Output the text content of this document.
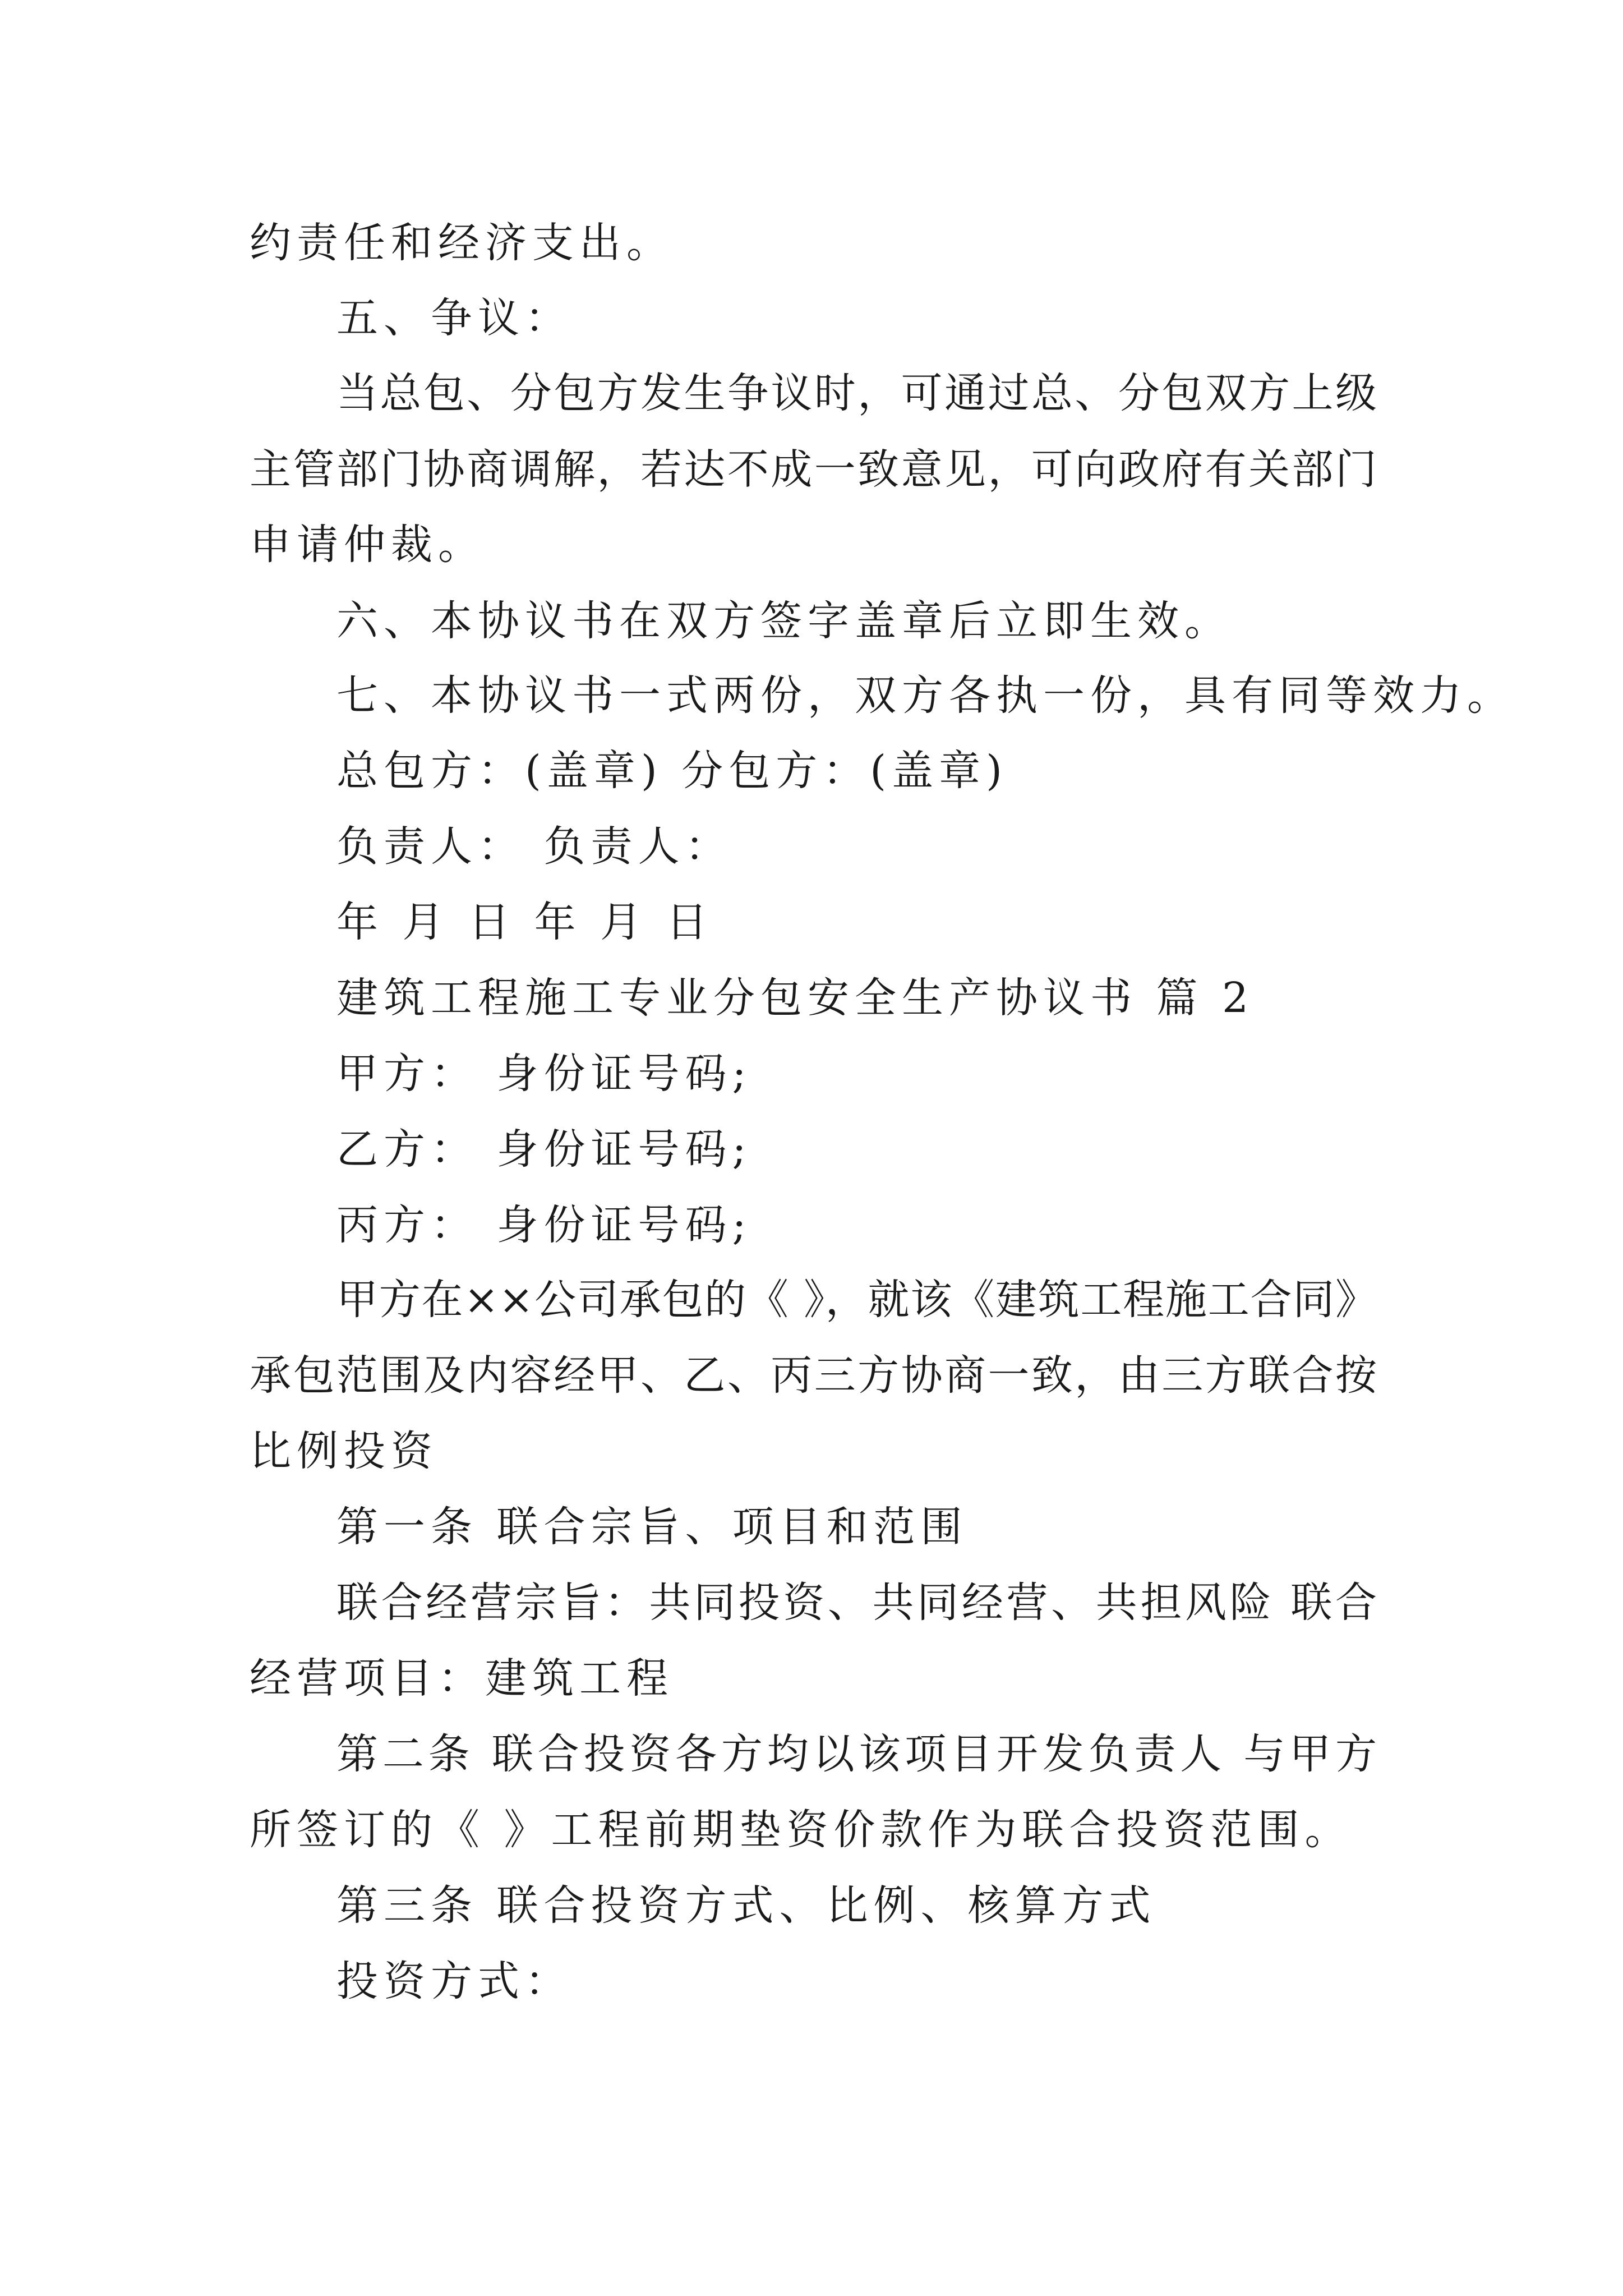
约责任和经济支出。
五、争议：
当总包、分包方发生争议时，可通过总、分包双方上级
主管部门协商调解，若达不成一致意见，可向政府有关部门
申请仲裁。
六、本协议书在双方签字盖章后立即生效。
七、本协议书一式两份，双方各执一份，具有同等效力。
总包方：(盖章) 分包方：(盖章)
负责人： 负责人：
年 月 日 年 月 日
建筑工程施工专业分包安全生产协议书 篇 2
甲方： 身份证号码;
乙方： 身份证号码;
丙方： 身份证号码;
甲方在××公司承包的《 》，就该《建筑工程施工合同》
承包范围及内容经甲、乙、丙三方协商一致，由三方联合按
比例投资
第一条 联合宗旨、项目和范围
联合经营宗旨：共同投资、共同经营、共担风险 联合
经营项目：建筑工程
第二条 联合投资各方均以该项目开发负责人 与甲方
所签订的《 》工程前期垫资价款作为联合投资范围。
第三条 联合投资方式、比例、核算方式
投资方式：
